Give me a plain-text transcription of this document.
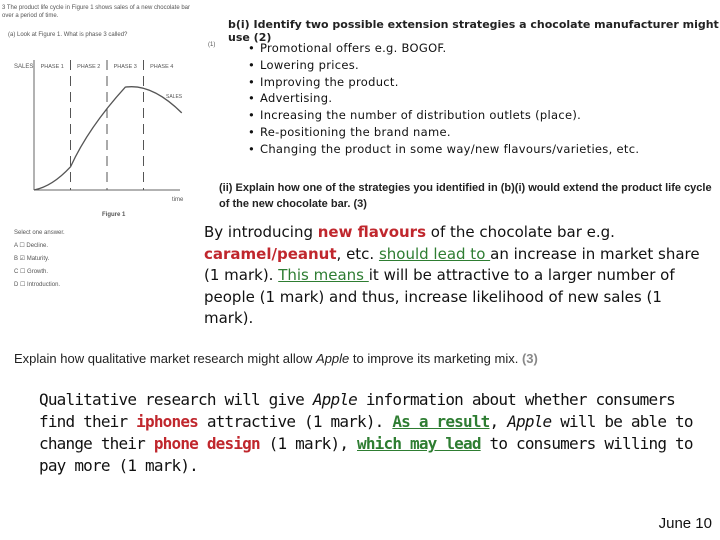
3 The product life cycle in Figure 1 shows sales of a new chocolate bar over a period of time.
(a) Look at Figure 1. What is phase 3 called?
(1)
SALES
time
PHASE 1 PHASE 2 PHASE 3 PHASE 4
SALES
Figure 1
Select one answer.
A ☐ Decline.
B ☑ Maturity.
C ☐ Growth.
D ☐ Introduction.
b(i) Identify two possible extension strategies a chocolate manufacturer might use (2)
• Promotional offers e.g. BOGOF.
• Lowering prices.
• Improving the product.
• Advertising.
• Increasing the number of distribution outlets (place).
• Re-positioning the brand name.
• Changing the product in some way/new flavours/varieties, etc.
(ii) Explain how one of the strategies you identified in (b)(i) would extend the product life cycle of the new chocolate bar. (3)
By introducing new flavours of the chocolate bar e.g. caramel/peanut, etc. should lead to an increase in market share (1 mark). This means it will be attractive to a larger number of people (1 mark) and thus, increase likelihood of new sales (1 mark).
Explain how qualitative market research might allow Apple to improve its marketing mix. (3)
Qualitative research will give Apple information about whether consumers find their iphones attractive (1 mark). As a result, Apple will be able to change their phone design (1 mark), which may lead to consumers willing to pay more (1 mark).
June 10
